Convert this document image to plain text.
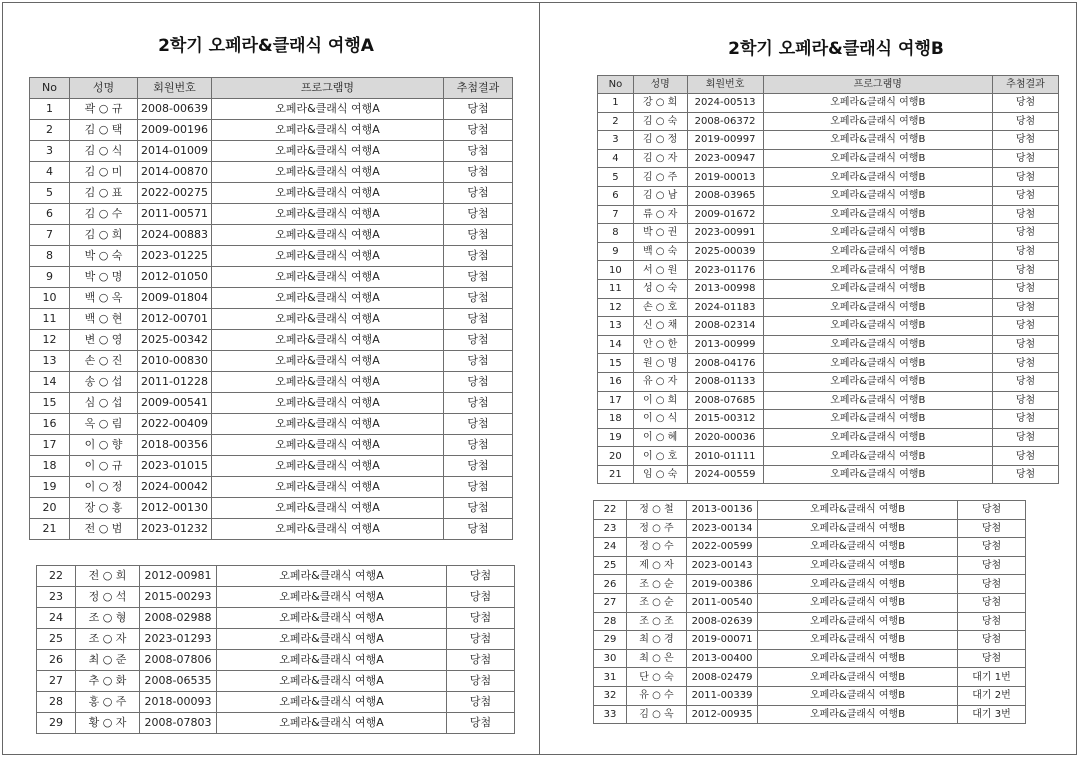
2학기 오페라&클래식 여행A
No	성명	회원번호	프로그램명	추첨결과
1	곽 ○ 규	2008-00639	오페라&클래식 여행A	당첨
2	김 ○ 택	2009-00196	오페라&클래식 여행A	당첨
3	김 ○ 식	2014-01009	오페라&클래식 여행A	당첨
4	김 ○ 미	2014-00870	오페라&클래식 여행A	당첨
5	김 ○ 표	2022-00275	오페라&클래식 여행A	당첨
6	김 ○ 수	2011-00571	오페라&클래식 여행A	당첨
7	김 ○ 희	2024-00883	오페라&클래식 여행A	당첨
8	박 ○ 숙	2023-01225	오페라&클래식 여행A	당첨
9	박 ○ 명	2012-01050	오페라&클래식 여행A	당첨
10	백 ○ 옥	2009-01804	오페라&클래식 여행A	당첨
11	백 ○ 현	2012-00701	오페라&클래식 여행A	당첨
12	변 ○ 영	2025-00342	오페라&클래식 여행A	당첨
13	손 ○ 진	2010-00830	오페라&클래식 여행A	당첨
14	송 ○ 섭	2011-01228	오페라&클래식 여행A	당첨
15	심 ○ 섭	2009-00541	오페라&클래식 여행A	당첨
16	옥 ○ 림	2022-00409	오페라&클래식 여행A	당첨
17	이 ○ 향	2018-00356	오페라&클래식 여행A	당첨
18	이 ○ 규	2023-01015	오페라&클래식 여행A	당첨
19	이 ○ 정	2024-00042	오페라&클래식 여행A	당첨
20	장 ○ 홍	2012-00130	오페라&클래식 여행A	당첨
21	전 ○ 범	2023-01232	오페라&클래식 여행A	당첨
22	전 ○ 희	2012-00981	오페라&클래식 여행A	당첨
23	정 ○ 석	2015-00293	오페라&클래식 여행A	당첨
24	조 ○ 형	2008-02988	오페라&클래식 여행A	당첨
25	조 ○ 자	2023-01293	오페라&클래식 여행A	당첨
26	최 ○ 준	2008-07806	오페라&클래식 여행A	당첨
27	추 ○ 화	2008-06535	오페라&클래식 여행A	당첨
28	홍 ○ 주	2018-00093	오페라&클래식 여행A	당첨
29	황 ○ 자	2008-07803	오페라&클래식 여행A	당첨
2학기 오페라&클래식 여행B
No	성명	회원번호	프로그램명	추첨결과
1	강 ○ 희	2024-00513	오페라&클래식 여행B	당첨
2	김 ○ 숙	2008-06372	오페라&클래식 여행B	당첨
3	김 ○ 정	2019-00997	오페라&클래식 여행B	당첨
4	김 ○ 자	2023-00947	오페라&클래식 여행B	당첨
5	김 ○ 주	2019-00013	오페라&클래식 여행B	당첨
6	김 ○ 남	2008-03965	오페라&클래식 여행B	당첨
7	류 ○ 자	2009-01672	오페라&클래식 여행B	당첨
8	박 ○ 권	2023-00991	오페라&클래식 여행B	당첨
9	백 ○ 숙	2025-00039	오페라&클래식 여행B	당첨
10	서 ○ 원	2023-01176	오페라&클래식 여행B	당첨
11	성 ○ 숙	2013-00998	오페라&클래식 여행B	당첨
12	손 ○ 호	2024-01183	오페라&클래식 여행B	당첨
13	신 ○ 채	2008-02314	오페라&클래식 여행B	당첨
14	안 ○ 한	2013-00999	오페라&클래식 여행B	당첨
15	원 ○ 명	2008-04176	오페라&클래식 여행B	당첨
16	유 ○ 자	2008-01133	오페라&클래식 여행B	당첨
17	이 ○ 희	2008-07685	오페라&클래식 여행B	당첨
18	이 ○ 식	2015-00312	오페라&클래식 여행B	당첨
19	이 ○ 혜	2020-00036	오페라&클래식 여행B	당첨
20	이 ○ 호	2010-01111	오페라&클래식 여행B	당첨
21	임 ○ 숙	2024-00559	오페라&클래식 여행B	당첨
22	정 ○ 철	2013-00136	오페라&클래식 여행B	당첨
23	정 ○ 주	2023-00134	오페라&클래식 여행B	당첨
24	정 ○ 수	2022-00599	오페라&클래식 여행B	당첨
25	제 ○ 자	2023-00143	오페라&클래식 여행B	당첨
26	조 ○ 순	2019-00386	오페라&클래식 여행B	당첨
27	조 ○ 순	2011-00540	오페라&클래식 여행B	당첨
28	조 ○ 조	2008-02639	오페라&클래식 여행B	당첨
29	최 ○ 경	2019-00071	오페라&클래식 여행B	당첨
30	최 ○ 은	2013-00400	오페라&클래식 여행B	당첨
31	단 ○ 숙	2008-02479	오페라&클래식 여행B	대기 1번
32	유 ○ 수	2011-00339	오페라&클래식 여행B	대기 2번
33	김 ○ 옥	2012-00935	오페라&클래식 여행B	대기 3번
